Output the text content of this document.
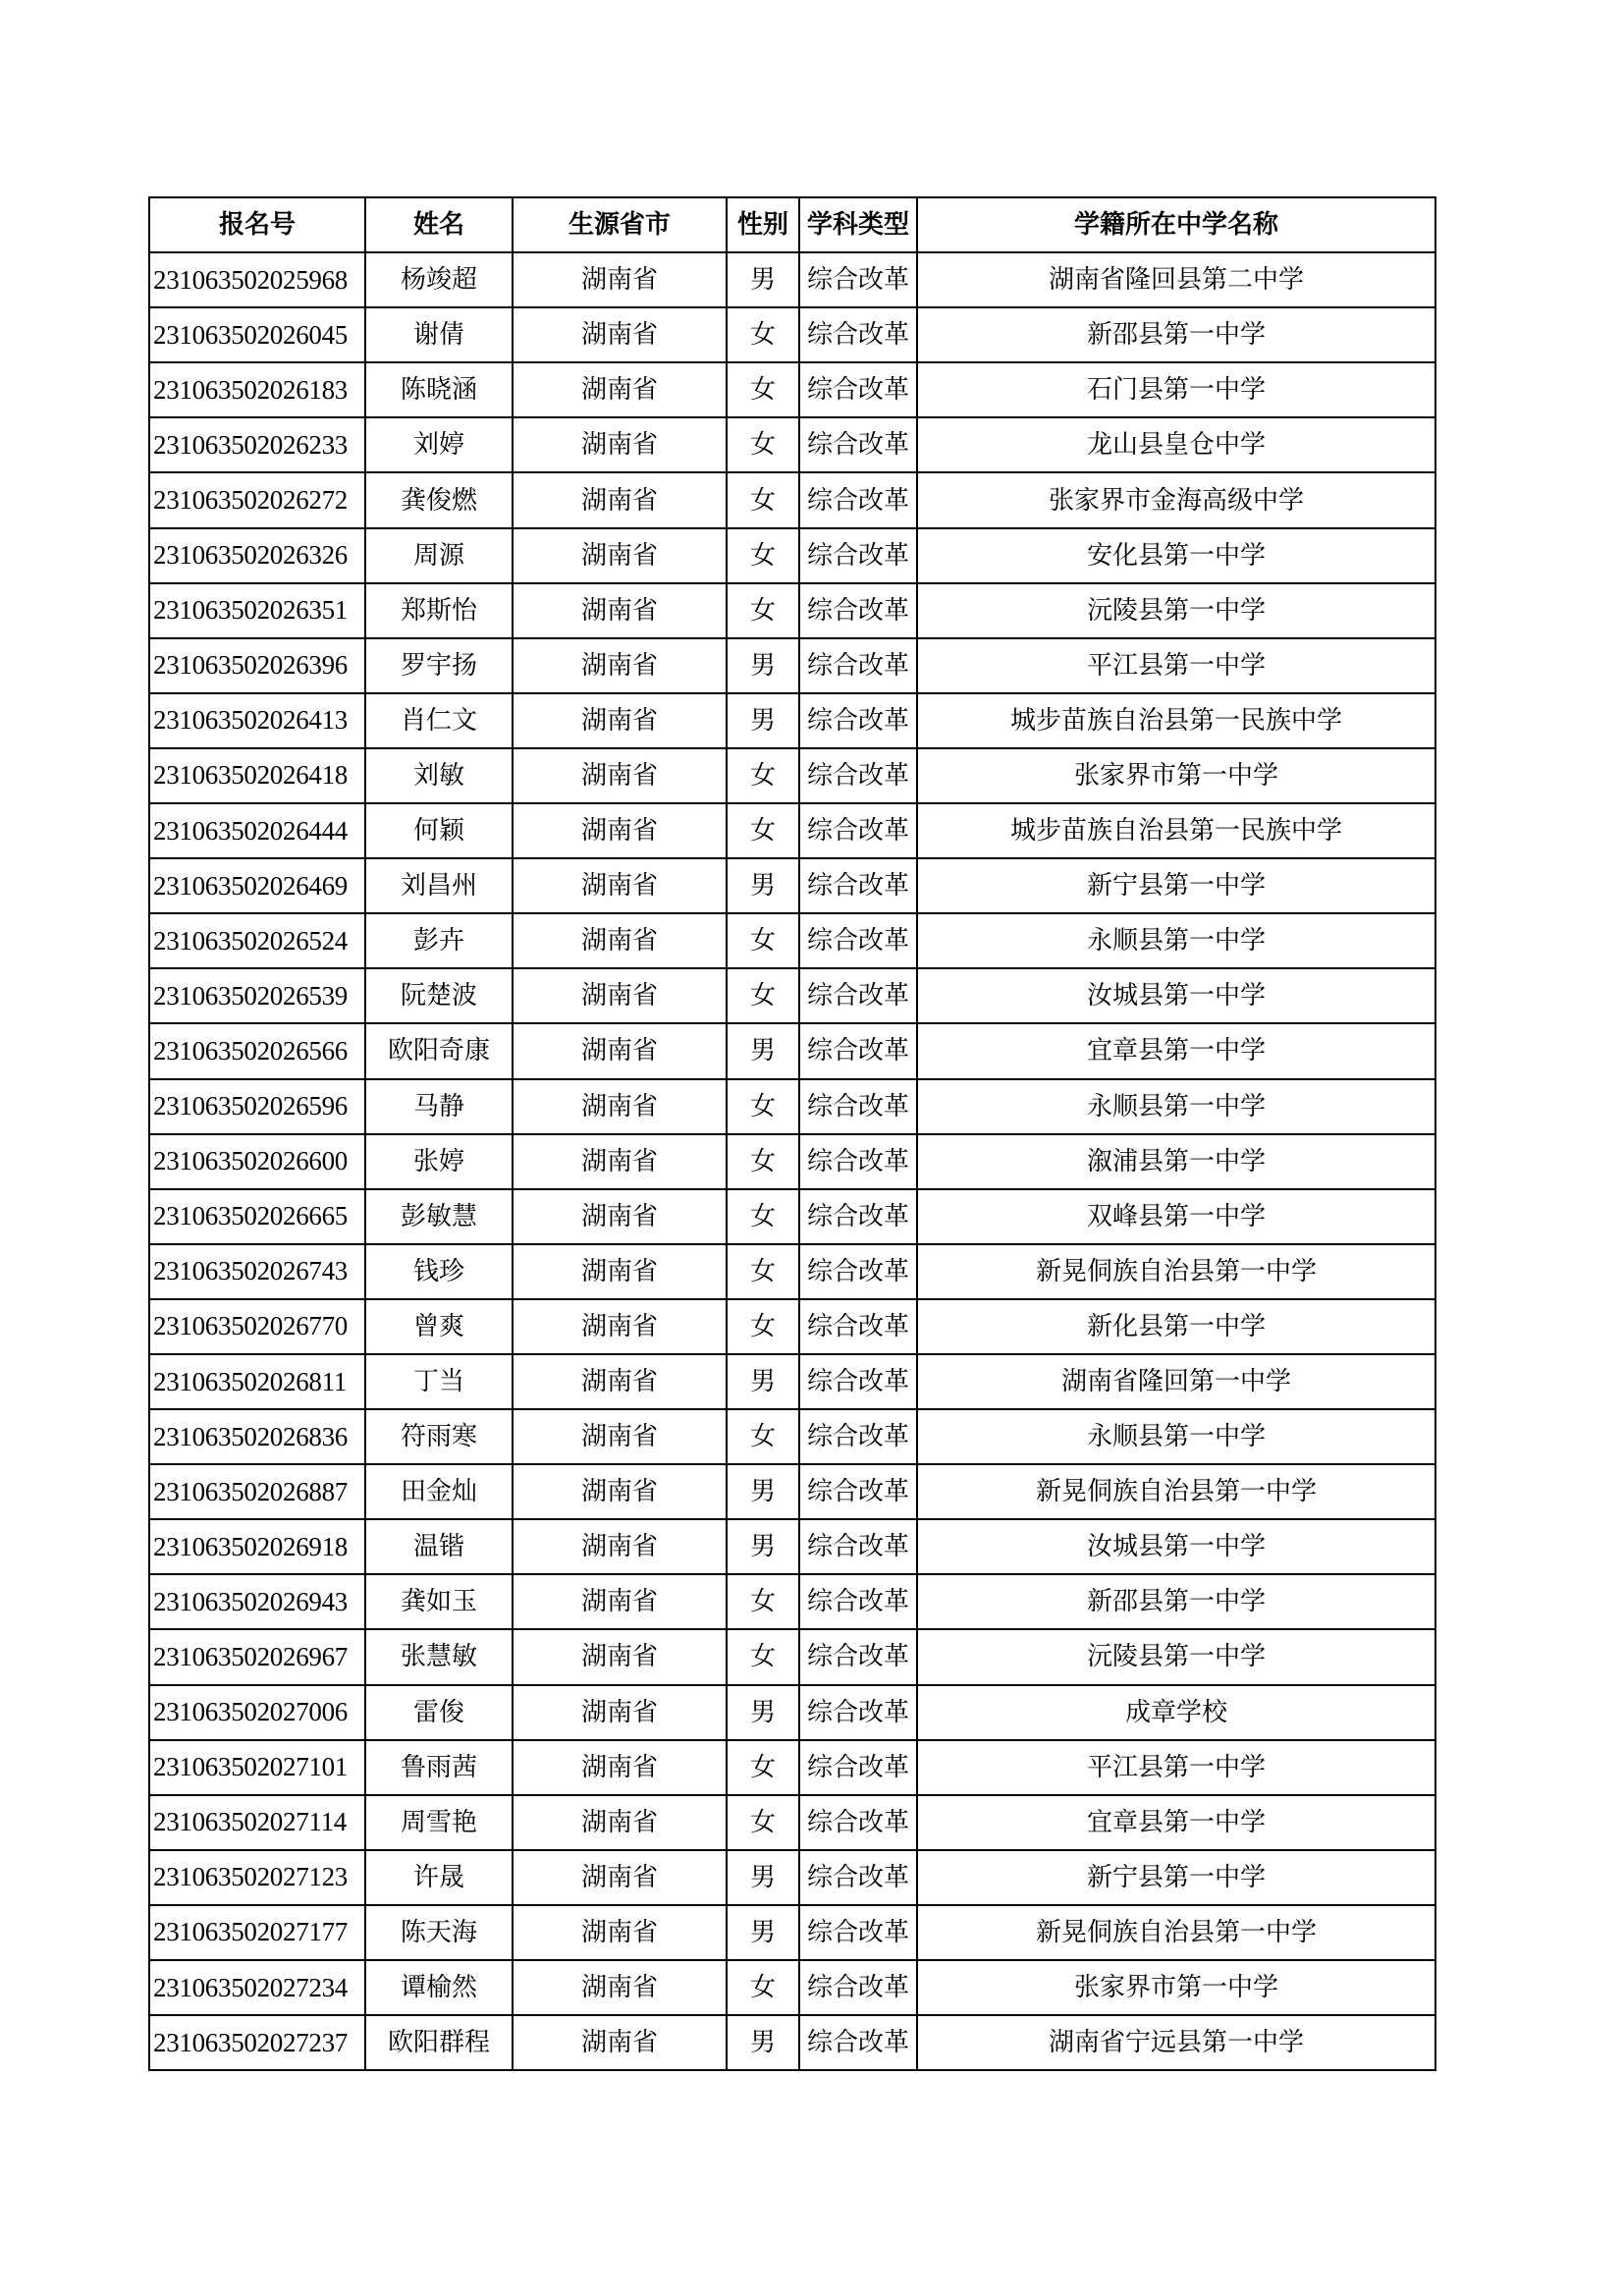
报名号	姓名	生源省市	性别	学科类型	学籍所在中学名称
231063502025968	杨竣超	湖南省	男	综合改革	湖南省隆回县第二中学
231063502026045	谢倩	湖南省	女	综合改革	新邵县第一中学
231063502026183	陈晓涵	湖南省	女	综合改革	石门县第一中学
231063502026233	刘婷	湖南省	女	综合改革	龙山县皇仓中学
231063502026272	龚俊燃	湖南省	女	综合改革	张家界市金海高级中学
231063502026326	周源	湖南省	女	综合改革	安化县第一中学
231063502026351	郑斯怡	湖南省	女	综合改革	沅陵县第一中学
231063502026396	罗宇扬	湖南省	男	综合改革	平江县第一中学
231063502026413	肖仁文	湖南省	男	综合改革	城步苗族自治县第一民族中学
231063502026418	刘敏	湖南省	女	综合改革	张家界市第一中学
231063502026444	何颖	湖南省	女	综合改革	城步苗族自治县第一民族中学
231063502026469	刘昌州	湖南省	男	综合改革	新宁县第一中学
231063502026524	彭卉	湖南省	女	综合改革	永顺县第一中学
231063502026539	阮楚波	湖南省	女	综合改革	汝城县第一中学
231063502026566	欧阳奇康	湖南省	男	综合改革	宜章县第一中学
231063502026596	马静	湖南省	女	综合改革	永顺县第一中学
231063502026600	张婷	湖南省	女	综合改革	溆浦县第一中学
231063502026665	彭敏慧	湖南省	女	综合改革	双峰县第一中学
231063502026743	钱珍	湖南省	女	综合改革	新晃侗族自治县第一中学
231063502026770	曾爽	湖南省	女	综合改革	新化县第一中学
231063502026811	丁当	湖南省	男	综合改革	湖南省隆回第一中学
231063502026836	符雨寒	湖南省	女	综合改革	永顺县第一中学
231063502026887	田金灿	湖南省	男	综合改革	新晃侗族自治县第一中学
231063502026918	温锴	湖南省	男	综合改革	汝城县第一中学
231063502026943	龚如玉	湖南省	女	综合改革	新邵县第一中学
231063502026967	张慧敏	湖南省	女	综合改革	沅陵县第一中学
231063502027006	雷俊	湖南省	男	综合改革	成章学校
231063502027101	鲁雨茜	湖南省	女	综合改革	平江县第一中学
231063502027114	周雪艳	湖南省	女	综合改革	宜章县第一中学
231063502027123	许晟	湖南省	男	综合改革	新宁县第一中学
231063502027177	陈天海	湖南省	男	综合改革	新晃侗族自治县第一中学
231063502027234	谭榆然	湖南省	女	综合改革	张家界市第一中学
231063502027237	欧阳群程	湖南省	男	综合改革	湖南省宁远县第一中学
